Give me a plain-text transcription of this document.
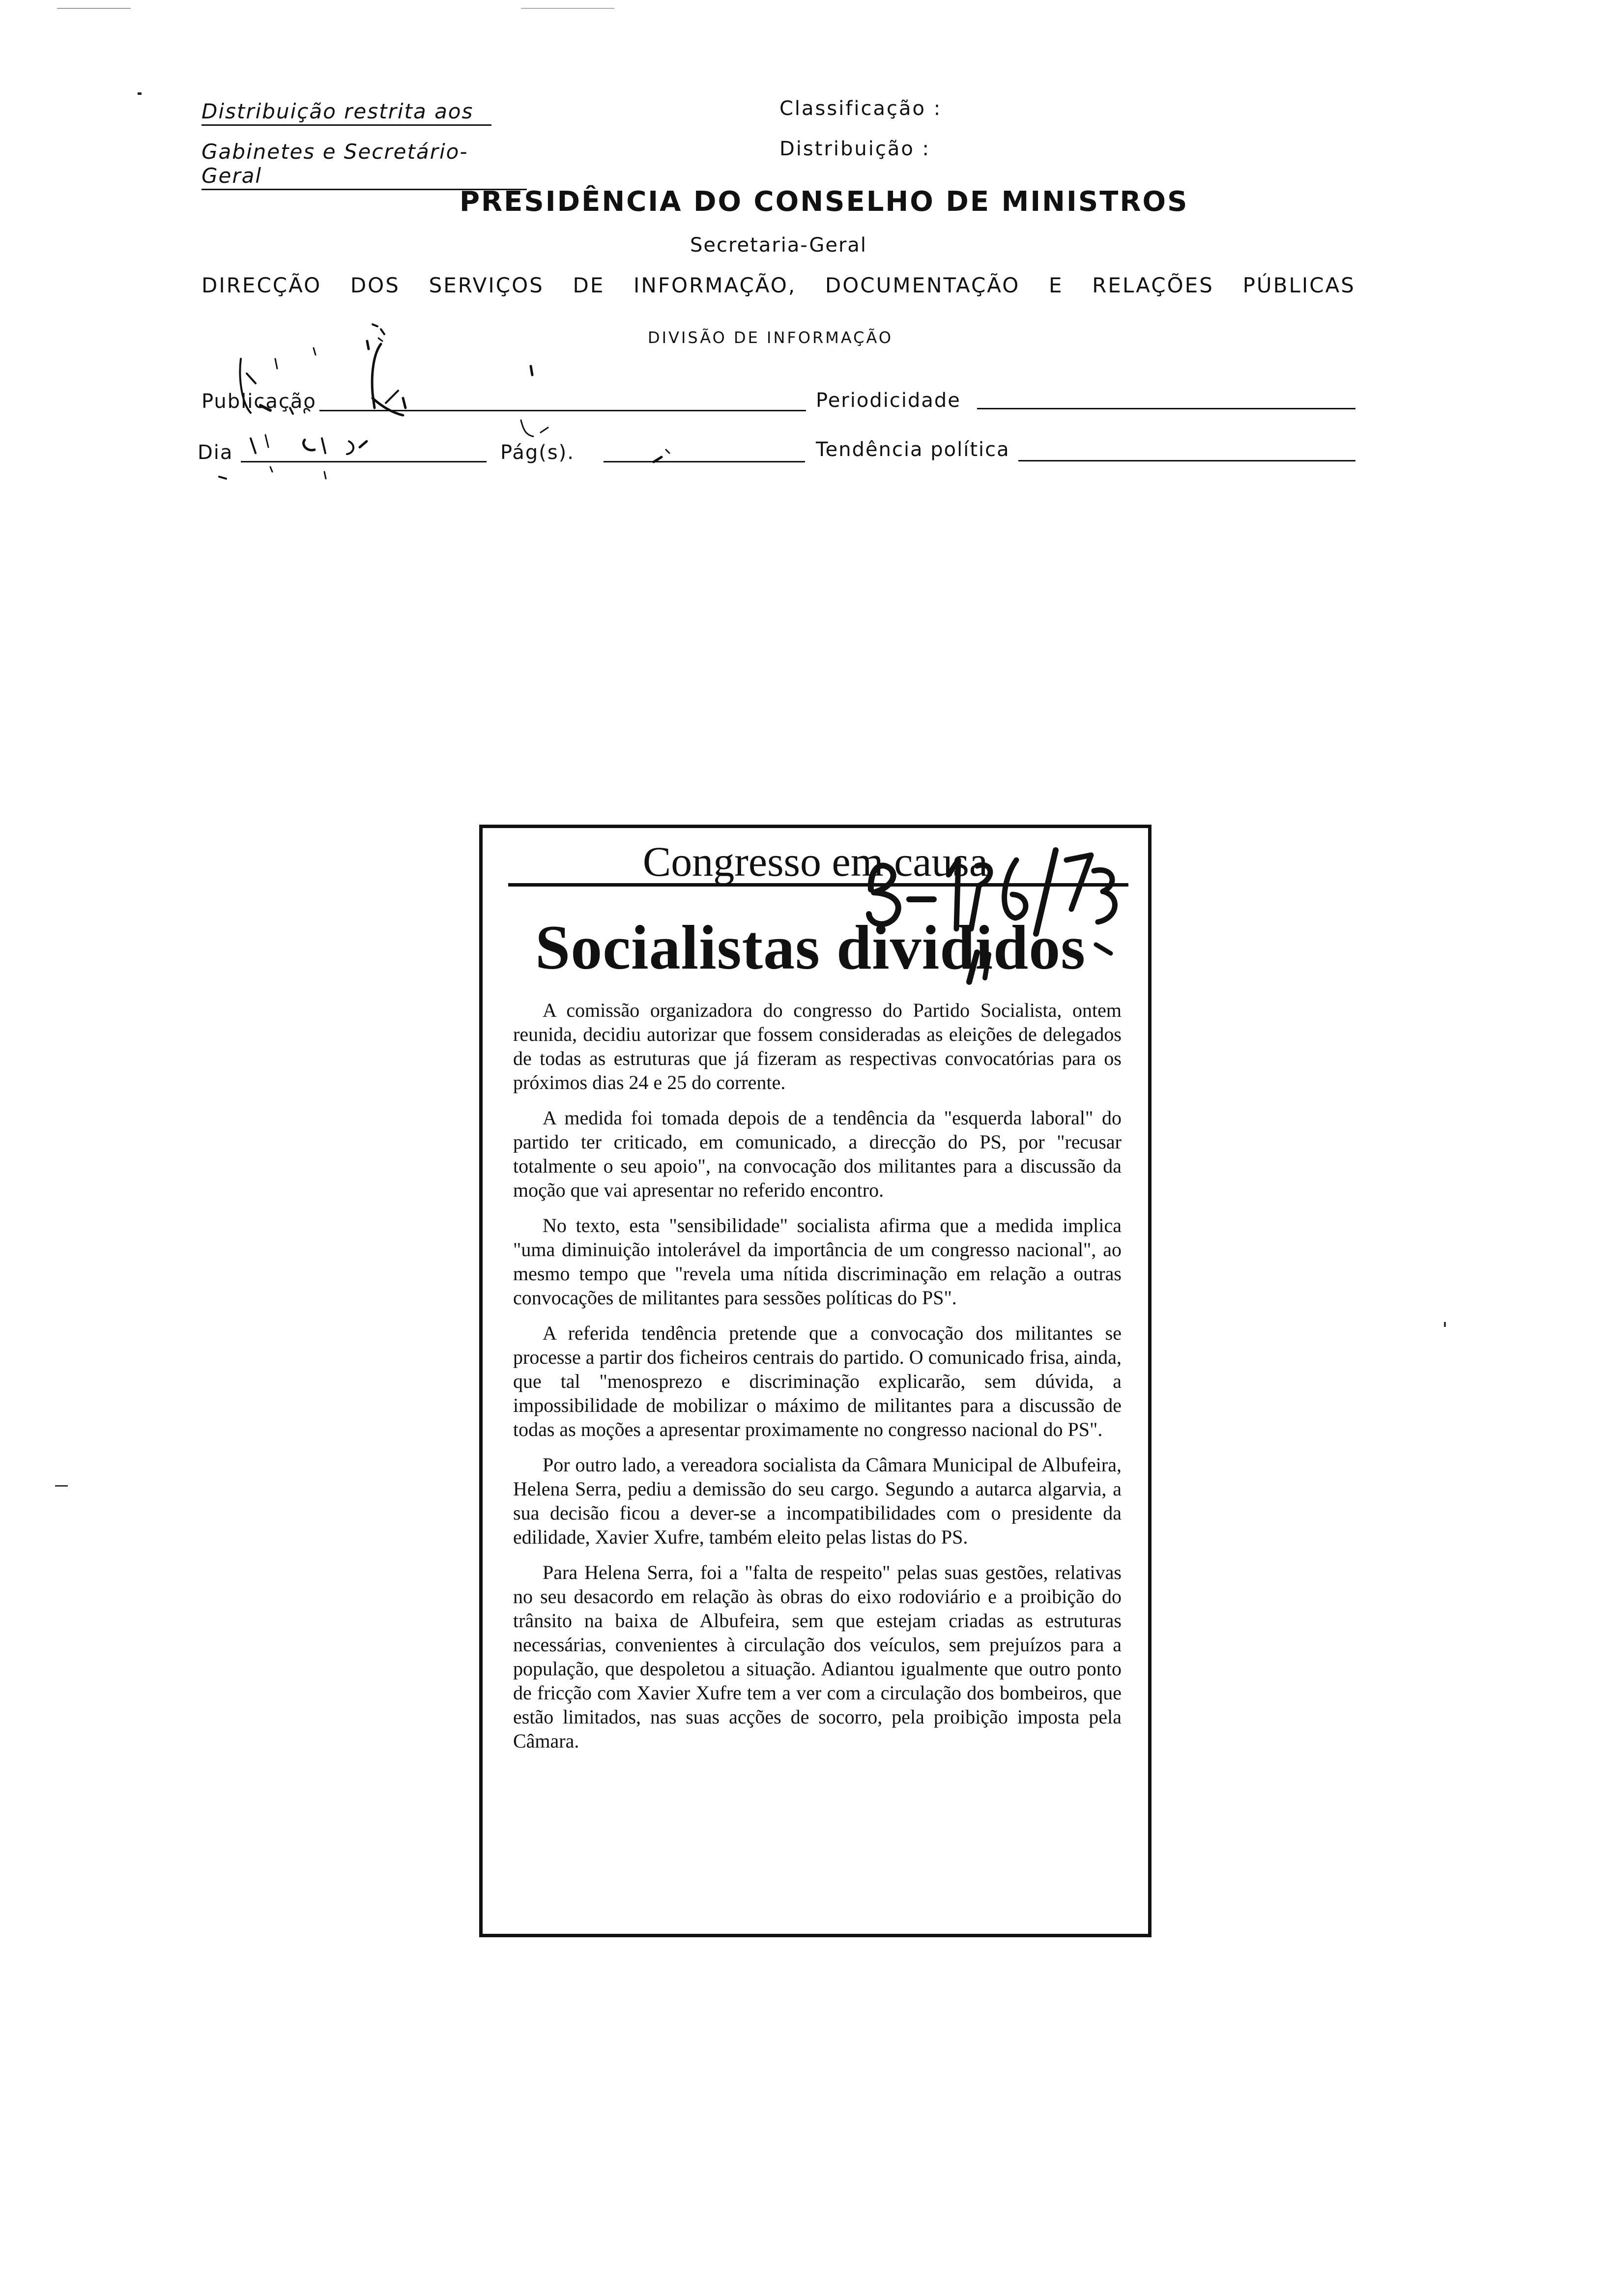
Distribuição restrita aos
Gabinetes e Secretário-Geral
Classificação :
Distribuição :
PRESIDÊNCIA DO CONSELHO DE MINISTROS
Secretaria-Geral
DIRECÇÃO DOS SERVIÇOS DE INFORMAÇÃO, DOCUMENTAÇÃO E RELAÇÕES PÚBLICAS
DIVISÃO DE INFORMAÇÃO
Publicação	Periodicidade
Dia	Pág(s).	Tendência política
Congresso em causa
Socialistas divididos

A comissão organizadora do congresso do Partido Socialista, ontem reunida, decidiu autorizar que fossem consideradas as eleições de delegados de todas as estruturas que já fizeram as respectivas convocatórias para os próximos dias 24 e 25 do corrente.

A medida foi tomada depois de a tendência da "esquerda laboral" do partido ter criticado, em comunicado, a direcção do PS, por "recusar totalmente o seu apoio", na convocação dos militantes para a discussão da moção que vai apresentar no referido encontro.

No texto, esta "sensibilidade" socialista afirma que a medida implica "uma diminuição intolerável da importância de um congresso nacional", ao mesmo tempo que "revela uma nítida discriminação em relação a outras convocações de militantes para sessões políticas do PS".

A referida tendência pretende que a convocação dos militantes se processe a partir dos ficheiros centrais do partido. O comunicado frisa, ainda, que tal "menosprezo e discriminação explicarão, sem dúvida, a impossibilidade de mobilizar o máximo de militantes para a discussão de todas as moções a apresentar proximamente no congresso nacional do PS".

Por outro lado, a vereadora socialista da Câmara Municipal de Albufeira, Helena Serra, pediu a demissão do seu cargo. Segundo a autarca algarvia, a sua decisão ficou a dever-se a incompatibilidades com o presidente da edilidade, Xavier Xufre, também eleito pelas listas do PS.

Para Helena Serra, foi a "falta de respeito" pelas suas gestões, relativas no seu desacordo em relação às obras do eixo rodoviário e a proibição do trânsito na baixa de Albufeira, sem que estejam criadas as estruturas necessárias, convenientes à circulação dos veículos, sem prejuízos para a população, que despoletou a situação. Adiantou igualmente que outro ponto de fricção com Xavier Xufre tem a ver com a circulação dos bombeiros, que estão limitados, nas suas acções de socorro, pela proibição imposta pela Câmara.

B-176/73
